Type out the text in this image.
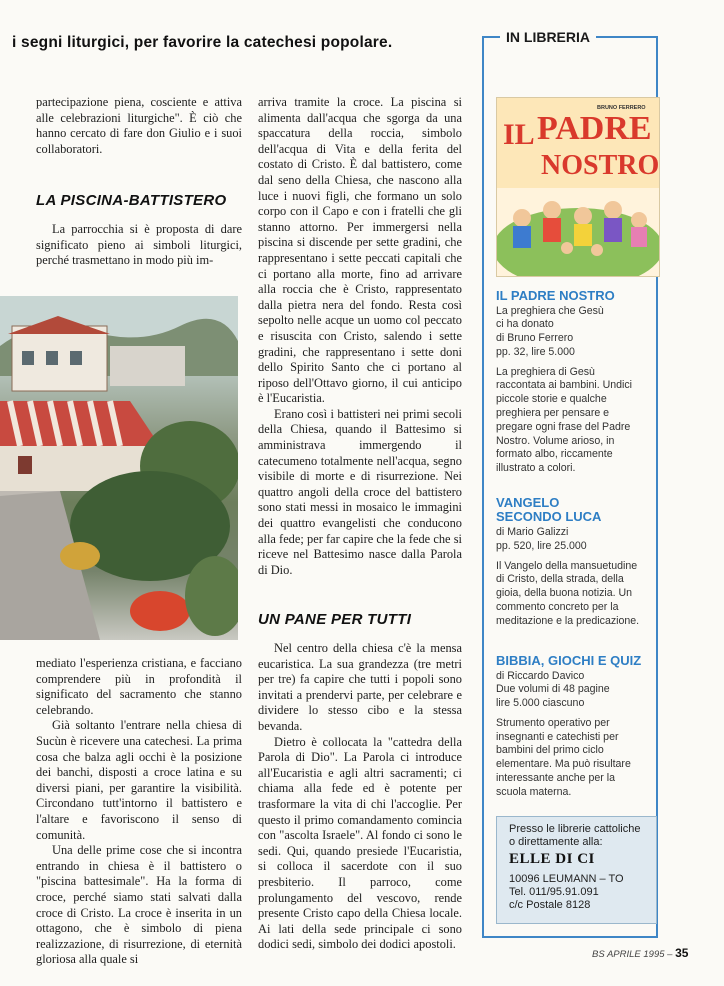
i segni liturgici, per favorire la catechesi popolare.

partecipazione piena, cosciente e attiva alle celebrazioni liturgiche". È ciò che hanno cercato di fare don Giulio e i suoi collaboratori.

LA PISCINA-BATTISTERO

La parrocchia si è proposta di dare significato pieno ai simboli liturgici, perché trasmettano in modo più im-

mediato l'esperienza cristiana, e facciano comprendere più in profondità il significato del sacramento che stanno celebrando.

Già soltanto l'entrare nella chiesa di Sucùn è ricevere una catechesi. La prima cosa che balza agli occhi è la posizione dei banchi, disposti a croce latina e su diversi piani, per garantire la visibilità. Circondano tutt'intorno il battistero e l'altare e favoriscono il senso di comunità.

Una delle prime cose che si incontra entrando in chiesa è il battistero o "piscina battesimale". Ha la forma di croce, perché siamo stati salvati dalla croce di Cristo. La croce è inserita in un ottagono, che è simbolo di piena realizzazione, di risurrezione, di eternità gloriosa alla quale si

arriva tramite la croce. La piscina si alimenta dall'acqua che sgorga da una spaccatura della roccia, simbolo dell'acqua di Vita e della ferita del costato di Cristo. È dal battistero, come dal seno della Chiesa, che nascono alla luce i nuovi figli, che formano un solo corpo con il Capo e con i fratelli che gli stanno attorno. Per immergersi nella piscina si discende per sette gradini, che rappresentano i sette peccati capitali che ci portano alla morte, fino ad arrivare alla roccia che è Cristo, rappresentato dalla pietra nera del fondo. Resta così sepolto nelle acque un uomo col peccato e risuscita con Cristo, salendo i sette gradini, che rappresentano i sette doni dello Spirito Santo che ci portano al riposo dell'Ottavo giorno, il cui anticipo è l'Eucaristia.

Erano così i battisteri nei primi secoli della Chiesa, quando il Battesimo si amministrava immergendo il catecumeno totalmente nell'acqua, segno visibile di morte e di risurrezione. Nei quattro angoli della croce del battistero sono stati messi in mosaico le immagini dei quattro evangelisti che conducono alla fede; per far capire che la fede che si riceve nel Battesimo nasce dalla Parola di Dio.

UN PANE PER TUTTI

Nel centro della chiesa c'è la mensa eucaristica. La sua grandezza (tre metri per tre) fa capire che tutti i popoli sono invitati a prendervi parte, per celebrare e dividere lo stesso cibo e la stessa bevanda.

Dietro è collocata la "cattedra della Parola di Dio". La Parola ci introduce all'Eucaristia e agli altri sacramenti; ci chiama alla fede ed è potente per trasformare la vita di chi l'accoglie. Per questo il primo comandamento comincia con "ascolta Israele". Al fondo ci sono le sedi. Qui, quando presiede l'Eucaristia, si colloca il sacerdote con il suo presbiterio. Il parroco, come prolungamento del vescovo, rende presente Cristo capo della Chiesa locale. Ai lati della sede principale ci sono dodici sedi, simbolo dei dodici apostoli.

IN LIBRERIA
BRUNO FERRERO
IL PADRE
NOSTRO
IL PADRE NOSTRO
La preghiera che Gesù
ci ha donato
di Bruno Ferrero
pp. 32, lire 5.000
La preghiera di Gesù
raccontata ai bambini. Undici
piccole storie e qualche
preghiera per pensare e
pregare ogni frase del Padre
Nostro. Volume arioso, in
formato albo, riccamente
illustrato a colori.
VANGELO
SECONDO LUCA
di Mario Galizzi
pp. 520, lire 25.000
Il Vangelo della mansuetudine
di Cristo, della strada, della
gioia, della buona notizia. Un
commento concreto per la
meditazione e la predicazione.
BIBBIA, GIOCHI E QUIZ
di Riccardo Davico
Due volumi di 48 pagine
lire 5.000 ciascuno
Strumento operativo per
insegnanti e catechisti per
bambini del primo ciclo
elementare. Ma può risultare
interessante anche per la
scuola materna.
Presso le librerie cattoliche
o direttamente alla:
ELLE DI CI
10096 LEUMANN – TO
Tel. 011/95.91.091
c/c Postale 8128
BS APRILE 1995 – 35
